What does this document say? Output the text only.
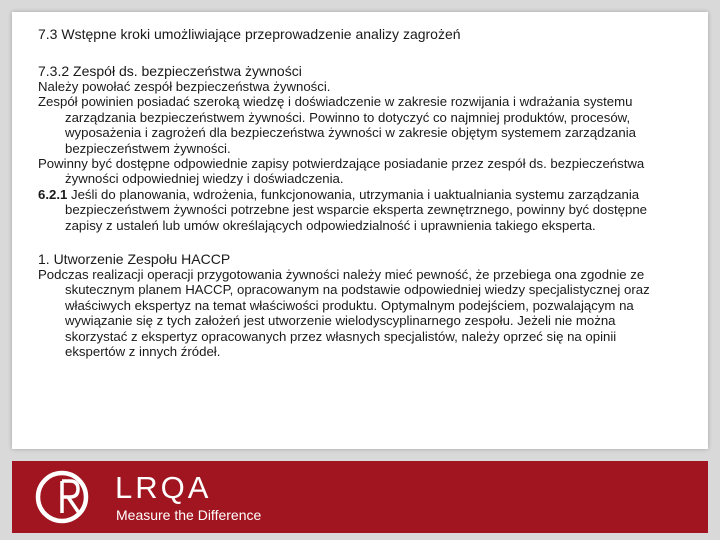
7.3 Wstępne kroki umożliwiające przeprowadzenie analizy zagrożeń

7.3.2 Zespół ds. bezpieczeństwa żywności

Należy powołać zespół bezpieczeństwa żywności.

Zespół powinien posiadać szeroką wiedzę i doświadczenie w zakresie rozwijania i wdrażania systemu zarządzania bezpieczeństwem żywności. Powinno to dotyczyć co najmniej produktów, procesów, wyposażenia i zagrożeń dla bezpieczeństwa żywności w zakresie objętym systemem zarządzania bezpieczeństwem żywności.

Powinny być dostępne odpowiednie zapisy potwierdzające posiadanie przez zespół ds. bezpieczeństwa żywności odpowiedniej wiedzy i doświadczenia.

6.2.1 Jeśli do planowania, wdrożenia, funkcjonowania, utrzymania i uaktualniania systemu zarządzania bezpieczeństwem żywności potrzebne jest wsparcie eksperta zewnętrznego, powinny być dostępne zapisy z ustaleń lub umów określających odpowiedzialność i uprawnienia takiego eksperta.

1. Utworzenie Zespołu HACCP

Podczas realizacji operacji przygotowania żywności należy mieć pewność, że przebiega ona zgodnie ze skutecznym planem HACCP, opracowanym na podstawie odpowiedniej wiedzy specjalistycznej oraz właściwych ekspertyz na temat właściwości produktu. Optymalnym podejściem, pozwalającym na wywiązanie się z tych założeń jest utworzenie wielodyscyplinarnego zespołu. Jeżeli nie można skorzystać z ekspertyz opracowanych przez własnych specjalistów, należy oprzeć się na opinii ekspertów z innych źródeł.

LRQA
Measure the Difference
